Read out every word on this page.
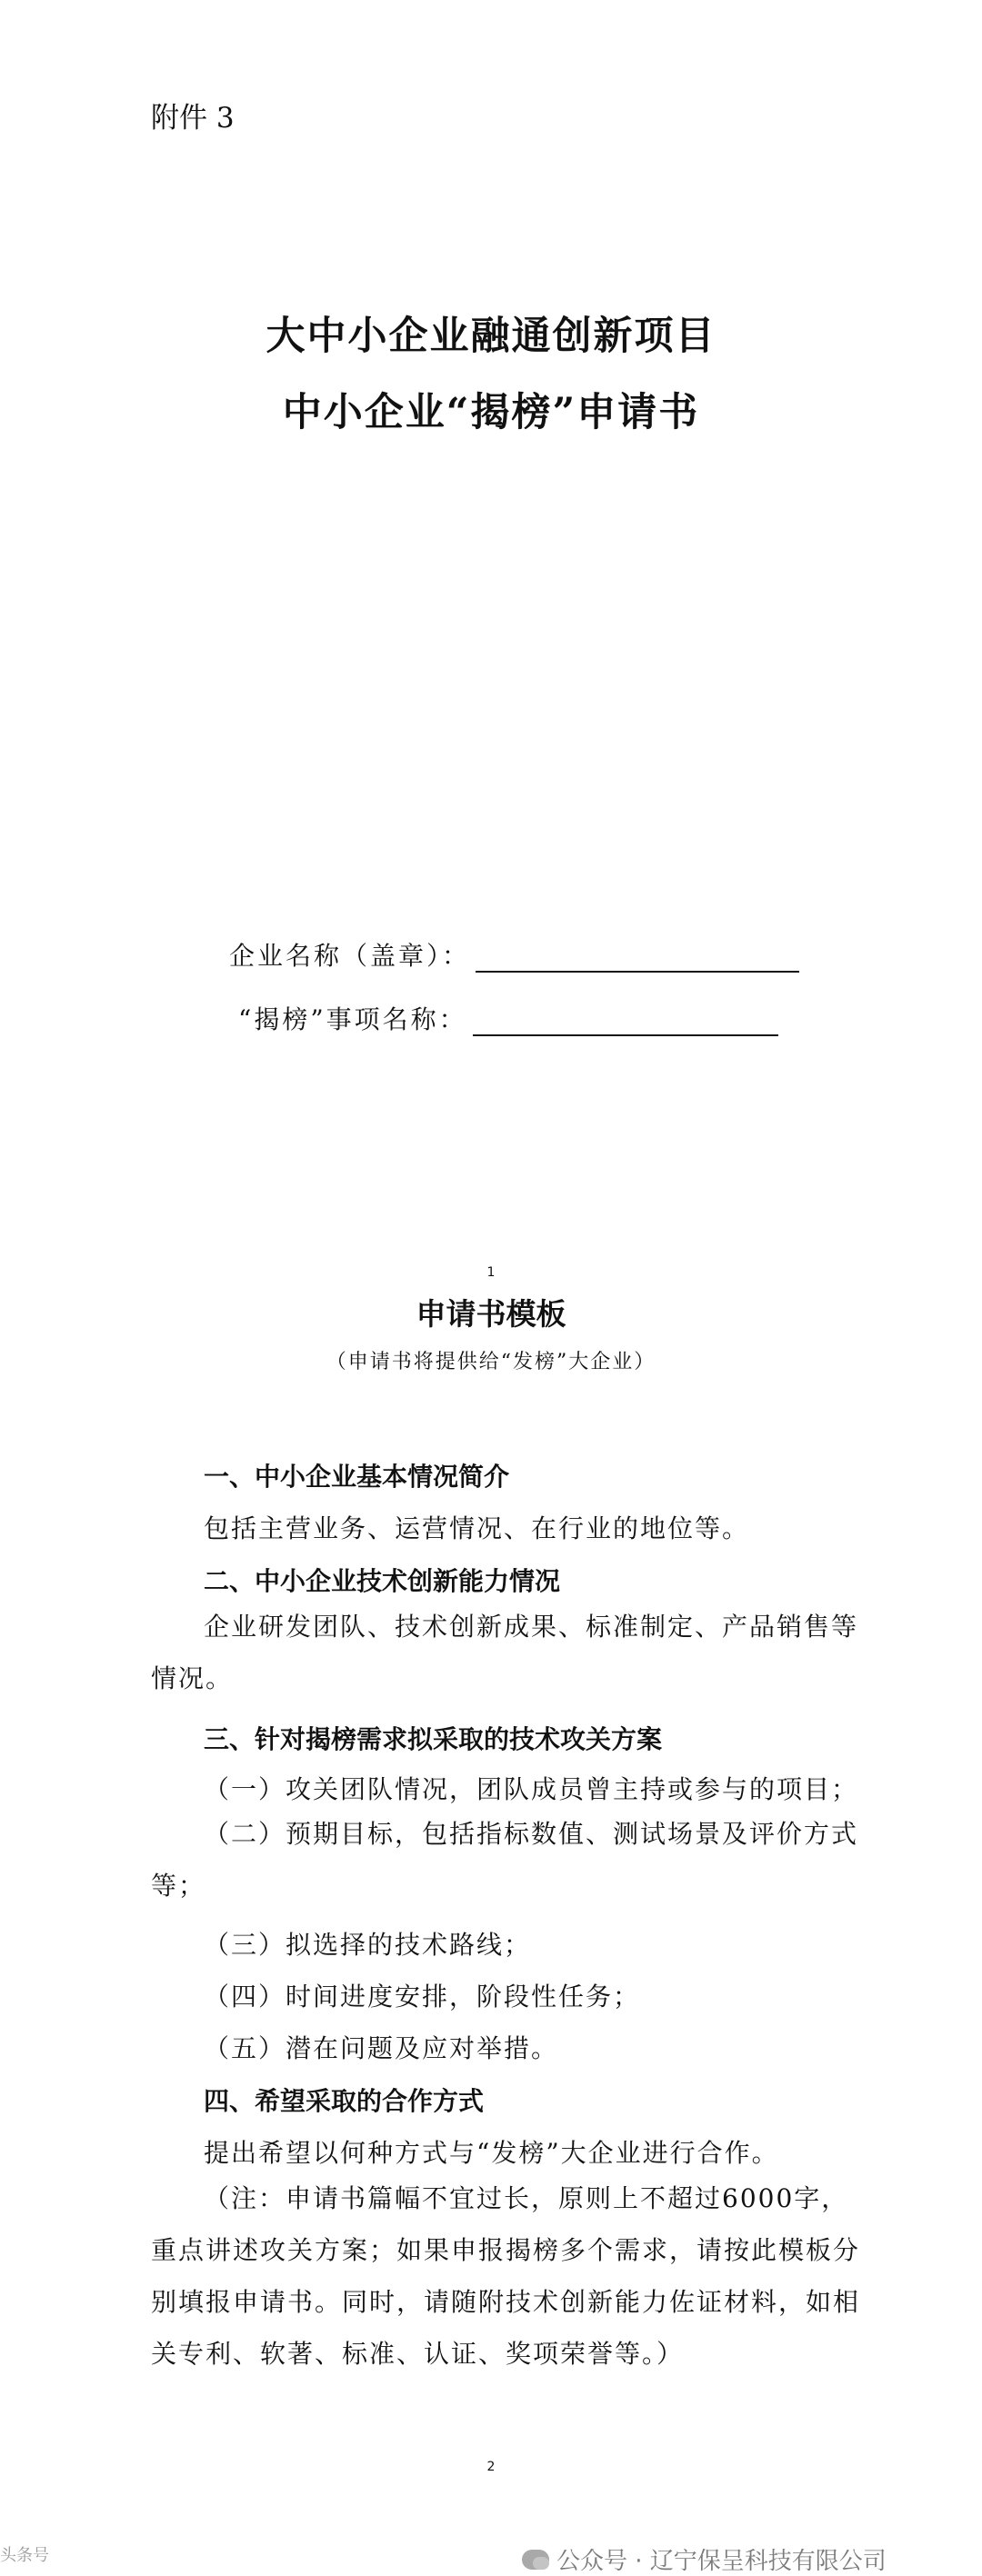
附件 3
大中小企业融通创新项目
中小企业“揭榜”申请书
企业名称（盖章）：
“揭榜”事项名称：
1
申请书模板
（申请书将提供给“发榜”大企业）
一、中小企业基本情况简介
包括主营业务、运营情况、在行业的地位等。
二、中小企业技术创新能力情况
企业研发团队、技术创新成果、标准制定、产品销售等情况。
三、针对揭榜需求拟采取的技术攻关方案
（一）攻关团队情况，团队成员曾主持或参与的项目；
（二）预期目标，包括指标数值、测试场景及评价方式等；
（三）拟选择的技术路线；
（四）时间进度安排，阶段性任务；
（五）潜在问题及应对举措。
四、希望采取的合作方式
提出希望以何种方式与“发榜”大企业进行合作。
（注：申请书篇幅不宜过长，原则上不超过6000字，重点讲述攻关方案；如果申报揭榜多个需求，请按此模板分别填报申请书。同时，请随附技术创新能力佐证材料，如相关专利、软著、标准、认证、奖项荣誉等。）
2
头条号	公众号 · 辽宁保呈科技有限公司
